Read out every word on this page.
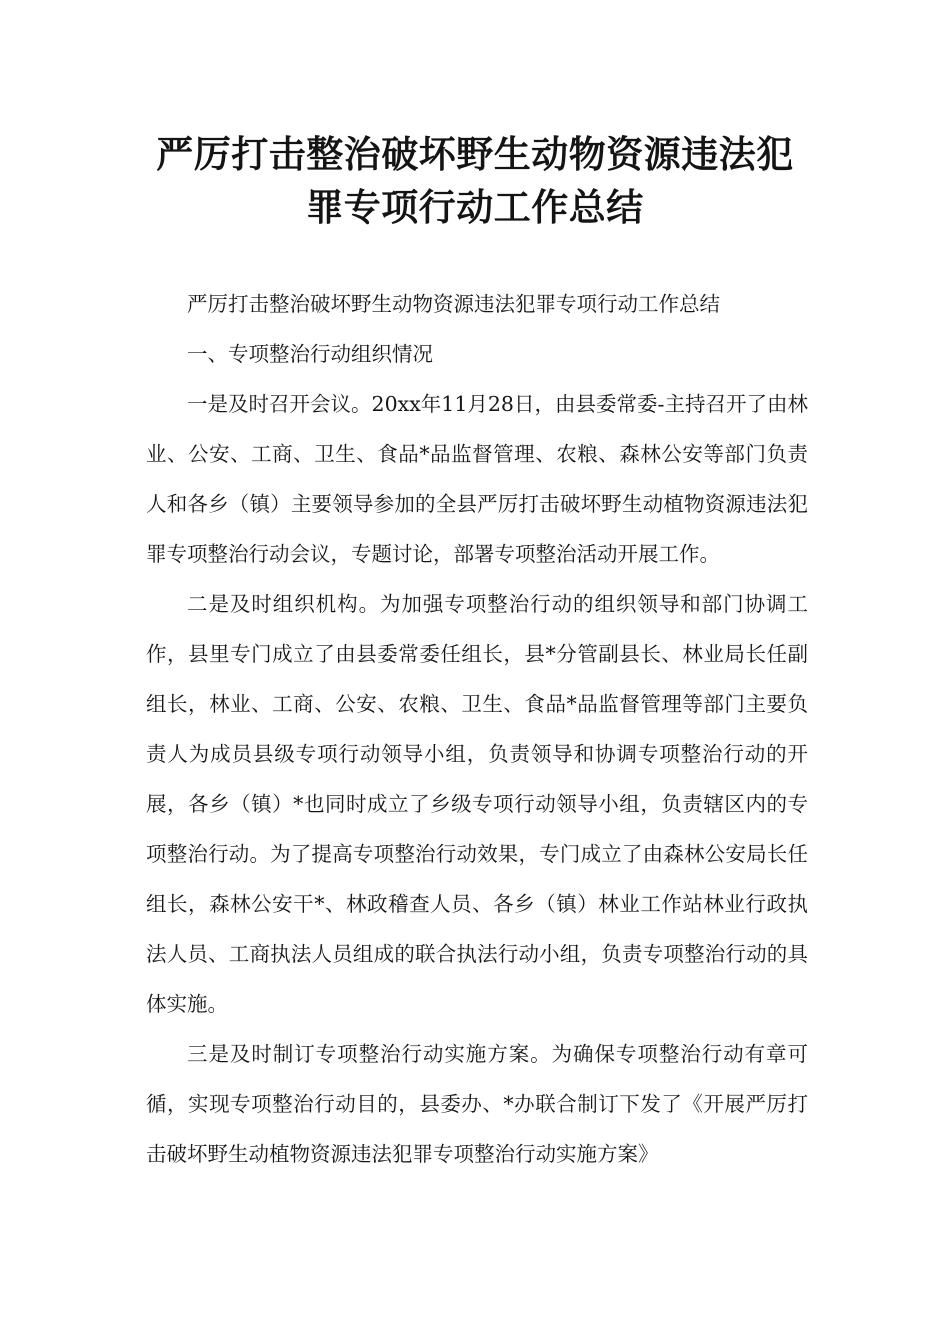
严厉打击整治破坏野生动物资源违法犯罪专项行动工作总结

严厉打击整治破坏野生动物资源违法犯罪专项行动工作总结

一、专项整治行动组织情况

一是及时召开会议。20xx年11月28日，由县委常委-主持召开了由林业、公安、工商、卫生、食品*品监督管理、农粮、森林公安等部门负责人和各乡（镇）主要领导参加的全县严厉打击破坏野生动植物资源违法犯罪专项整治行动会议，专题讨论，部署专项整治活动开展工作。

二是及时组织机构。为加强专项整治行动的组织领导和部门协调工作，县里专门成立了由县委常委任组长，县*分管副县长、林业局长任副组长，林业、工商、公安、农粮、卫生、食品*品监督管理等部门主要负责人为成员县级专项行动领导小组，负责领导和协调专项整治行动的开展，各乡（镇）*也同时成立了乡级专项行动领导小组，负责辖区内的专项整治行动。为了提高专项整治行动效果，专门成立了由森林公安局长任组长，森林公安干*、林政稽查人员、各乡（镇）林业工作站林业行政执法人员、工商执法人员组成的联合执法行动小组，负责专项整治行动的具体实施。

三是及时制订专项整治行动实施方案。为确保专项整治行动有章可循，实现专项整治行动目的，县委办、*办联合制订下发了《开展严厉打击破坏野生动植物资源违法犯罪专项整治行动实施方案》
